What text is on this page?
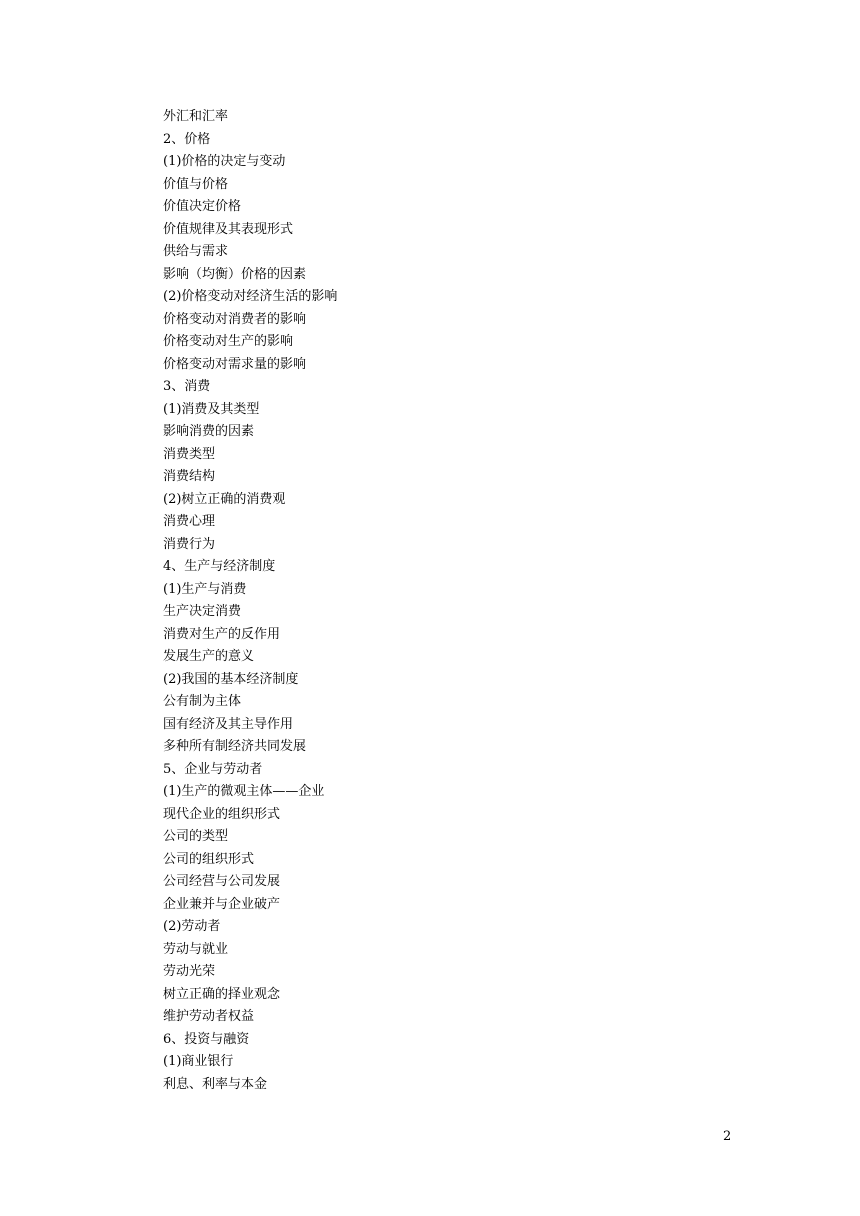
外汇和汇率
2、价格
(1)价格的决定与变动
价值与价格
价值决定价格
价值规律及其表现形式
供给与需求
影响（均衡）价格的因素
(2)价格变动对经济生活的影响
价格变动对消费者的影响
价格变动对生产的影响
价格变动对需求量的影响
3、消费
(1)消费及其类型
影响消费的因素
消费类型
消费结构
(2)树立正确的消费观
消费心理
消费行为
4、生产与经济制度
(1)生产与消费
生产决定消费
消费对生产的反作用
发展生产的意义
(2)我国的基本经济制度
公有制为主体
国有经济及其主导作用
多种所有制经济共同发展
5、企业与劳动者
(1)生产的微观主体——企业
现代企业的组织形式
公司的类型
公司的组织形式
公司经营与公司发展
企业兼并与企业破产
(2)劳动者
劳动与就业
劳动光荣
树立正确的择业观念
维护劳动者权益
6、投资与融资
(1)商业银行
利息、利率与本金
2
